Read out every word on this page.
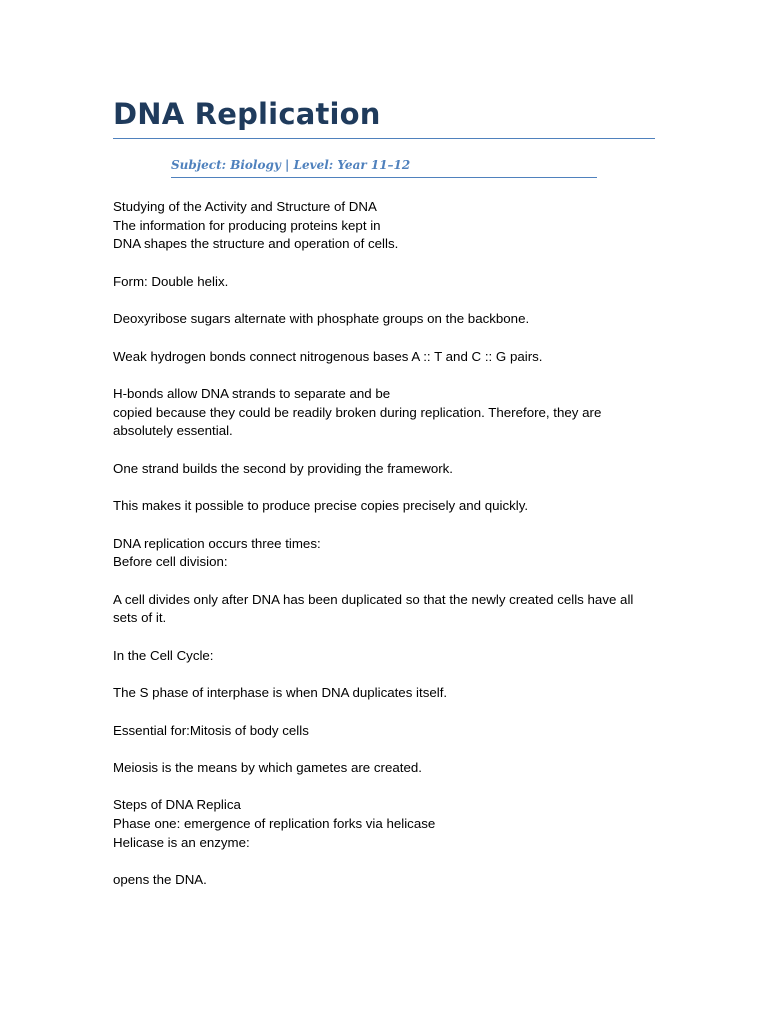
DNA Replication
Subject: Biology | Level: Year 11–12

Studying of the Activity and Structure of DNA
The information for producing proteins kept in
DNA shapes the structure and operation of cells.

Form: Double helix.

Deoxyribose sugars alternate with phosphate groups on the backbone.

Weak hydrogen bonds connect nitrogenous bases A :: T and C :: G pairs.

H-bonds allow DNA strands to separate and be
copied because they could be readily broken during replication. Therefore, they are absolutely essential.

One strand builds the second by providing the framework.

This makes it possible to produce precise copies precisely and quickly.

DNA replication occurs three times:
Before cell division:

A cell divides only after DNA has been duplicated so that the newly created cells have all sets of it.

In the Cell Cycle:

The S phase of interphase is when DNA duplicates itself.

Essential for:Mitosis of body cells

Meiosis is the means by which gametes are created.

Steps of DNA Replica
Phase one: emergence of replication forks via helicase
Helicase is an enzyme:

opens the DNA.
